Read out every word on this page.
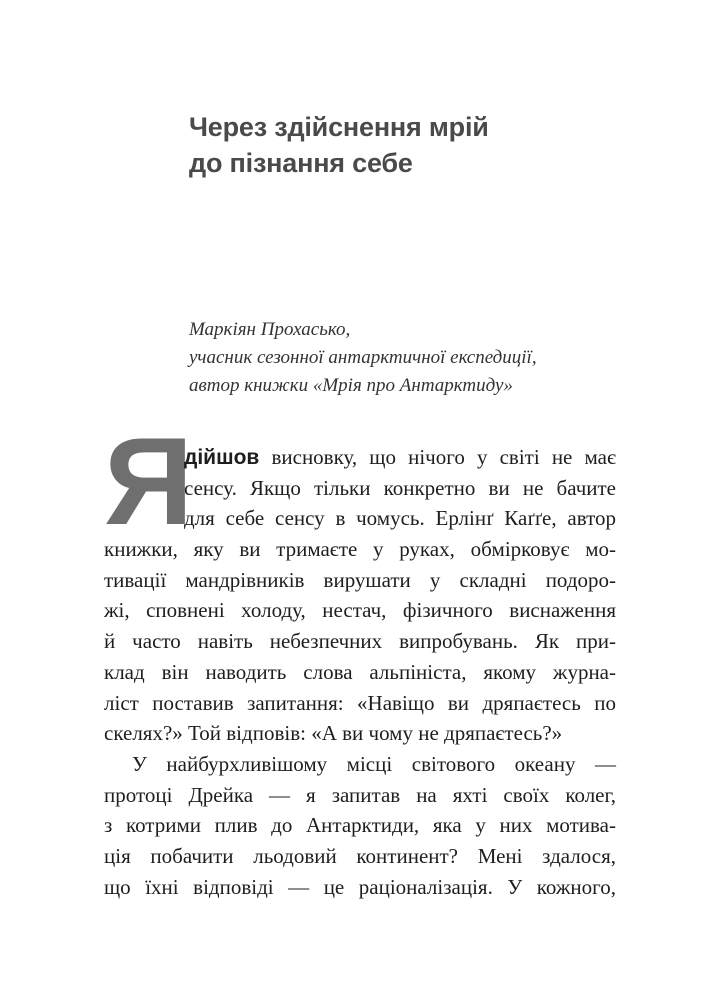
Через здійснення мрій
до пізнання себе
Маркіян Прохасько,
учасник сезонної антарктичної експедиції,
автор книжки «Мрія про Антарктиду»
Я
дійшов висновку, що нічого у світі не має
сенсу. Якщо тільки конкретно ви не бачите
для себе сенсу в чомусь. Ерлінґ Каґґе, автор
книжки, яку ви тримаєте у руках, обмірковує мо-
тивації мандрівників вирушати у складні подоро-
жі, сповнені холоду, нестач, фізичного виснаження
й часто навіть небезпечних випробувань. Як при-
клад він наводить слова альпініста, якому журна-
ліст поставив запитання: «Навіщо ви дряпаєтесь по
скелях?» Той відповів: «А ви чому не дряпаєтесь?»
У найбурхливішому місці світового океану —
протоці Дрейка — я запитав на яхті своїх колег,
з котрими плив до Антарктиди, яка у них мотива-
ція побачити льодовий континент? Мені здалося,
що їхні відповіді — це раціоналізація. У кожного,
